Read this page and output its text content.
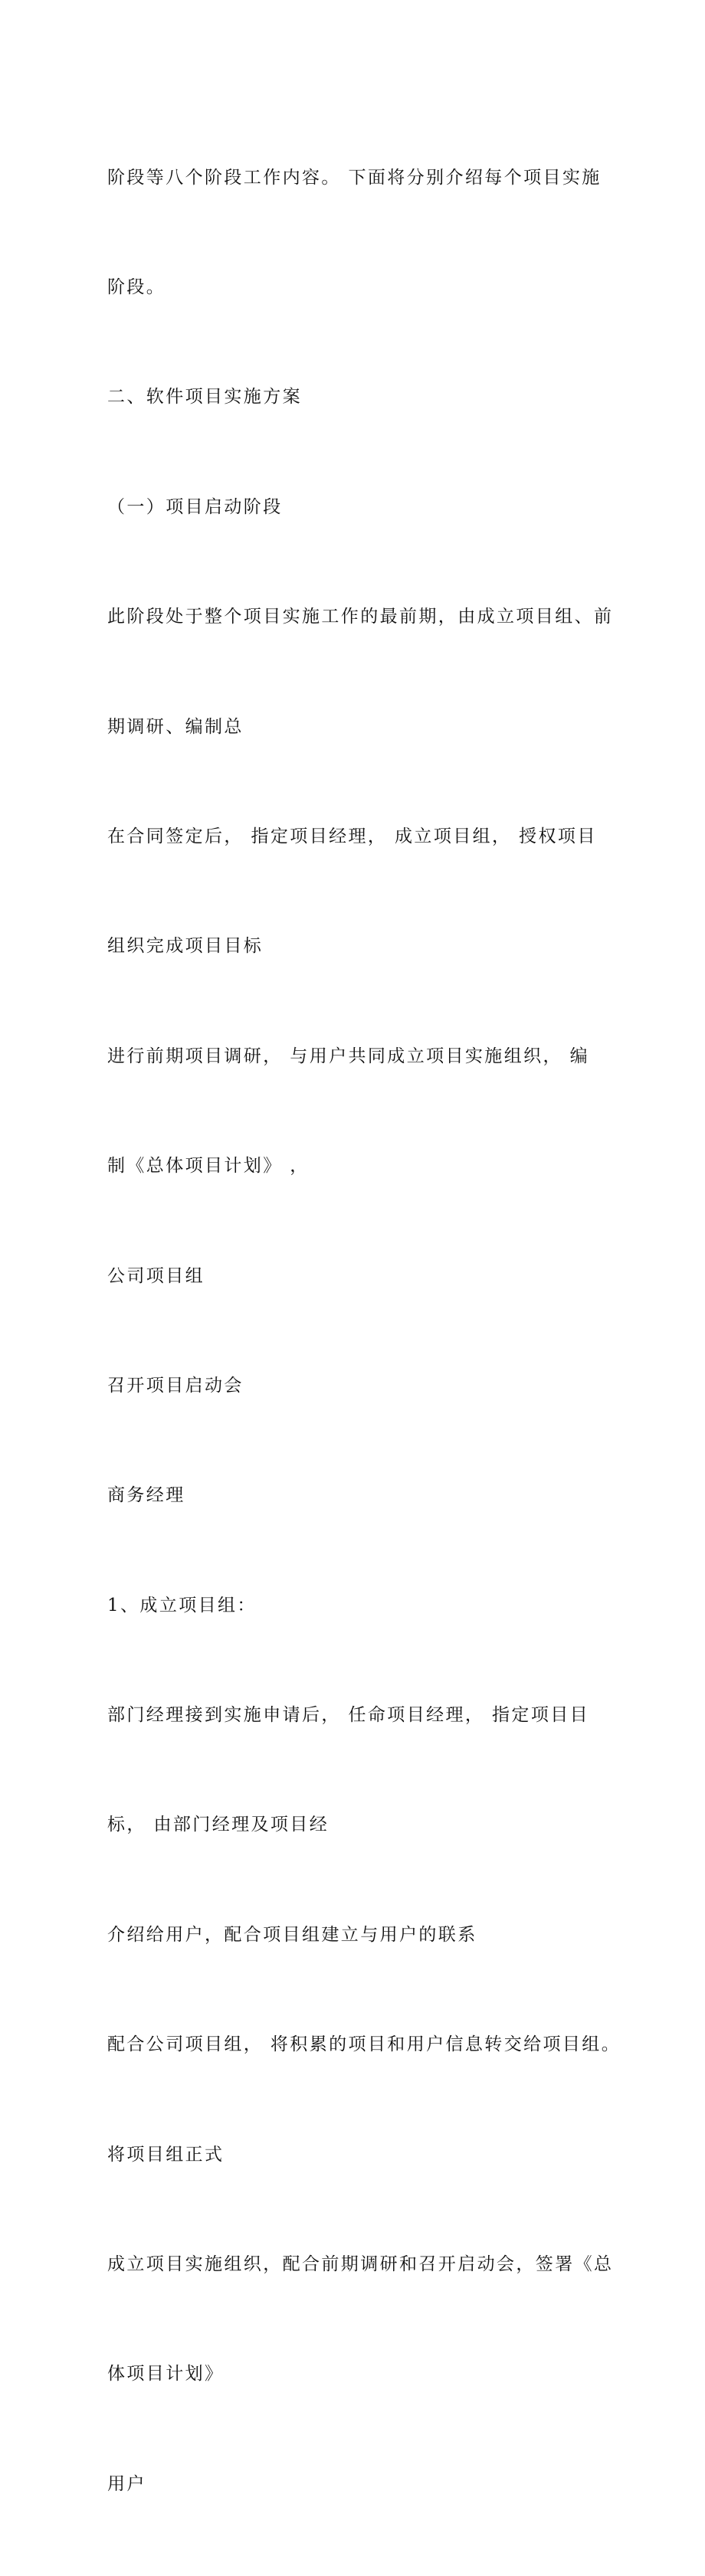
阶段等八个阶段工作内容。 下面将分别介绍每个项目实施

阶段。

二、软件项目实施方案

（一）项目启动阶段

此阶段处于整个项目实施工作的最前期，由成立项目组、前

期调研、编制总

在合同签定后， 指定项目经理， 成立项目组， 授权项目

组织完成项目目标

进行前期项目调研， 与用户共同成立项目实施组织， 编

制《总体项目计划》 ，

公司项目组

召开项目启动会

商务经理

1、成立项目组：

部门经理接到实施申请后， 任命项目经理， 指定项目目

标， 由部门经理及项目经

介绍给用户，配合项目组建立与用户的联系

配合公司项目组， 将积累的项目和用户信息转交给项目组。

将项目组正式

成立项目实施组织，配合前期调研和召开启动会，签署《总

体项目计划》

用户
